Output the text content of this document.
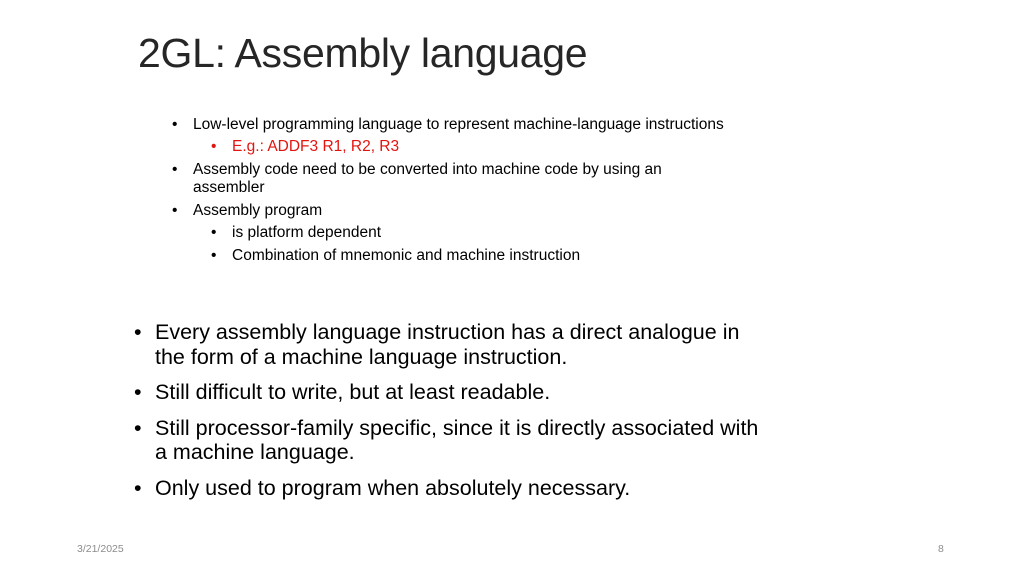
2GL: Assembly language
• Low-level programming language to represent machine-language instructions
• E.g.: ADDF3 R1, R2, R3
• Assembly code need to be converted into machine code by using an assembler
• Assembly program
• is platform dependent
• Combination of mnemonic and machine instruction
• Every assembly language instruction has a direct analogue in the form of a machine language instruction.
• Still difficult to write, but at least readable.
• Still processor-family specific, since it is directly associated with a machine language.
• Only used to program when absolutely necessary.
3/21/2025	8
